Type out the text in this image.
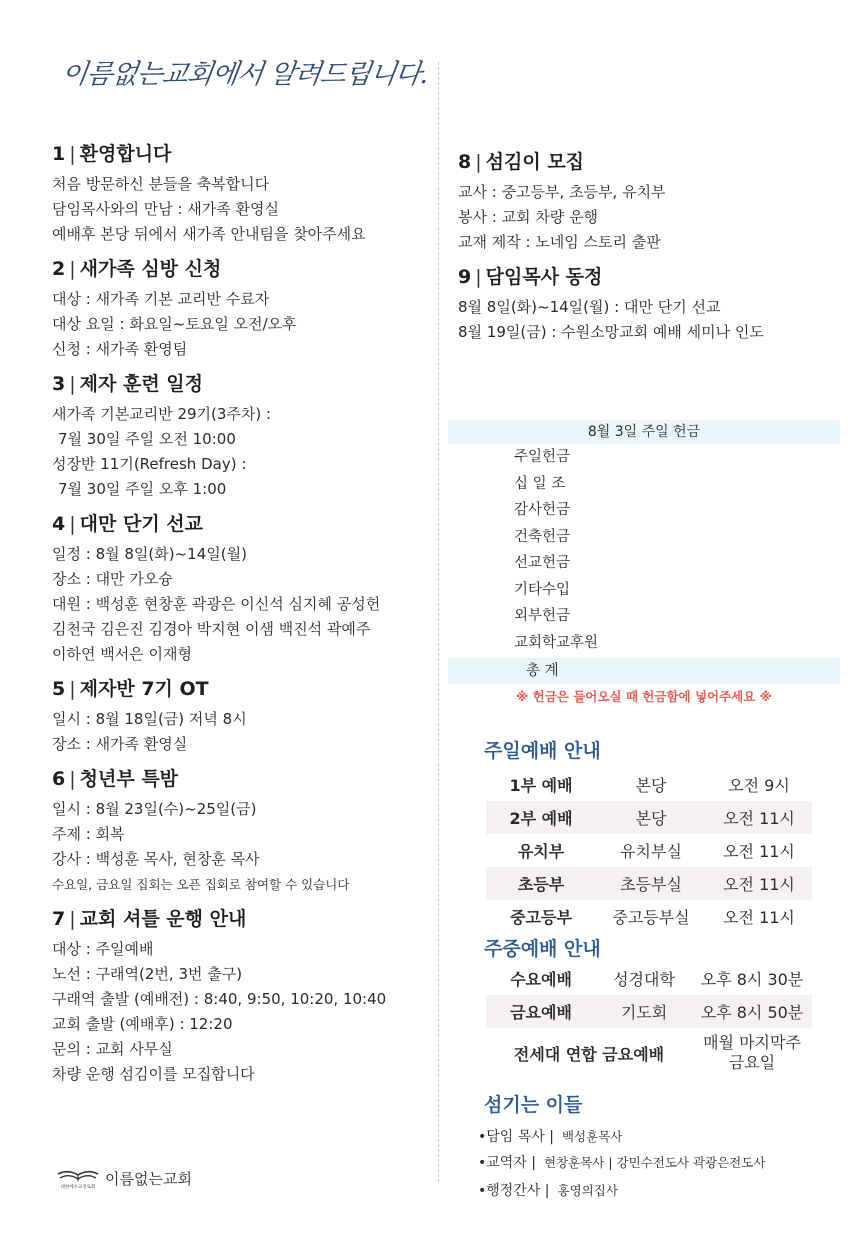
이름없는교회에서 알려드립니다.
1 | 환영합니다
처음 방문하신 분들을 축복합니다
담임목사와의 만남 : 새가족 환영실
예배후 본당 뒤에서 새가족 안내팀을 찾아주세요
2 | 새가족 심방 신청
대상 : 새가족 기본 교리반 수료자
대상 요일 : 화요일~토요일 오전/오후
신청 : 새가족 환영팀
3 | 제자 훈련 일정
새가족 기본교리반 29기(3주차) :
7월 30일 주일 오전 10:00
성장반 11기(Refresh Day) :
7월 30일 주일 오후 1:00
4 | 대만 단기 선교
일정 : 8월 8일(화)~14일(월)
장소 : 대만 가오슝
대원 : 백성훈 현창훈 곽광은 이신석 심지혜 공성헌
김천국 김은진 김경아 박지현 이샘 백진석 곽예주
이하연 백서은 이재형
5 | 제자반 7기 OT
일시 : 8월 18일(금) 저녁 8시
장소 : 새가족 환영실
6 | 청년부 특밤
일시 : 8월 23일(수)~25일(금)
주제 : 회복
강사 : 백성훈 목사, 현창훈 목사
수요일, 금요일 집회는 오픈 집회로 참여할 수 있습니다
7 | 교회 셔틀 운행 안내
대상 : 주일예배
노선 : 구래역(2번, 3번 출구)
구래역 출발 (예배전) : 8:40, 9:50, 10:20, 10:40
교회 출발 (예배후) : 12:20
문의 : 교회 사무실
차량 운행 섬김이를 모집합니다
8 | 섬김이 모집
교사 : 중고등부, 초등부, 유치부
봉사 : 교회 차량 운행
교재 제작 : 노네임 스토리 출판
9 | 담임목사 동정
8월 8일(화)~14일(월) : 대만 단기 선교
8월 19일(금) : 수원소망교회 예배 세미나 인도
8월 3일 주일 헌금
주일헌금
십 일 조
감사헌금
건축헌금
선교헌금
기타수입
외부헌금
교회학교후원
총 계
※ 헌금은 들어오실 때 헌금함에 넣어주세요 ※
주일예배 안내
1부 예배	본당	오전 9시
2부 예배	본당	오전 11시
유치부	유치부실	오전 11시
초등부	초등부실	오전 11시
중고등부	중고등부실	오전 11시
주중예배 안내
수요예배	성경대학	오후 8시 30분
금요예배	기도회	오후 8시 50분
전세대 연합 금요예배		매월 마지막주
금요일
섬기는 이들
•담임 목사 | 백성훈목사
•교역자 | 현창훈목사 | 강민수전도사 곽광은전도사
•행정간사 | 홍영의집사
대한예수교장로회 이름없는교회
